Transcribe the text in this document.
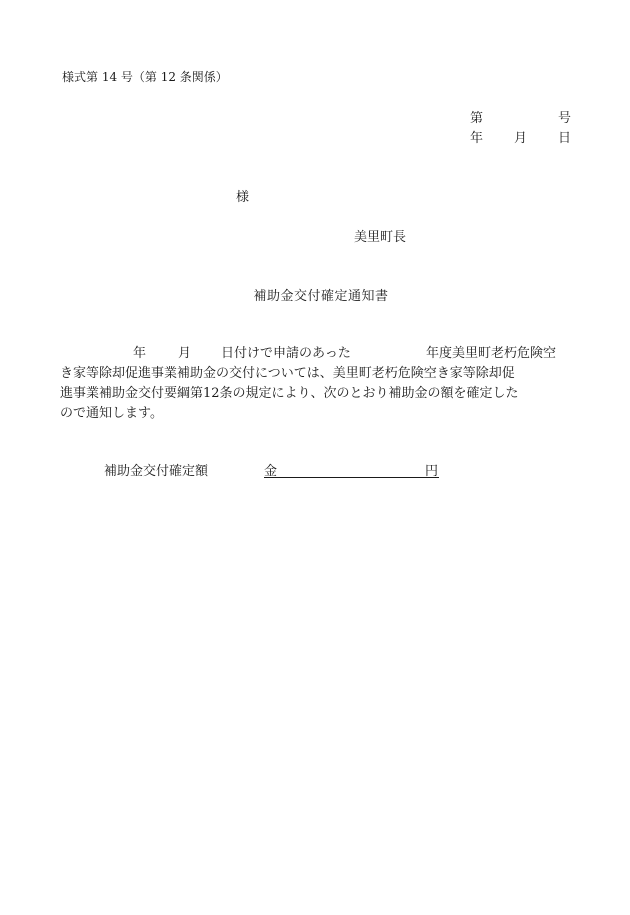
様式第 14 号（第 12 条関係）
第	号
年 月 日
様
美里町長
補助金交付確定通知書
年 月 日付けで申請のあった	年度美里町老朽危険空
き家等除却促進事業補助金の交付については、美里町老朽危険空き家等除却促
進事業補助金交付要綱第12条の規定により、次のとおり補助金の額を確定した
ので通知します。
補助金交付確定額	金	円
